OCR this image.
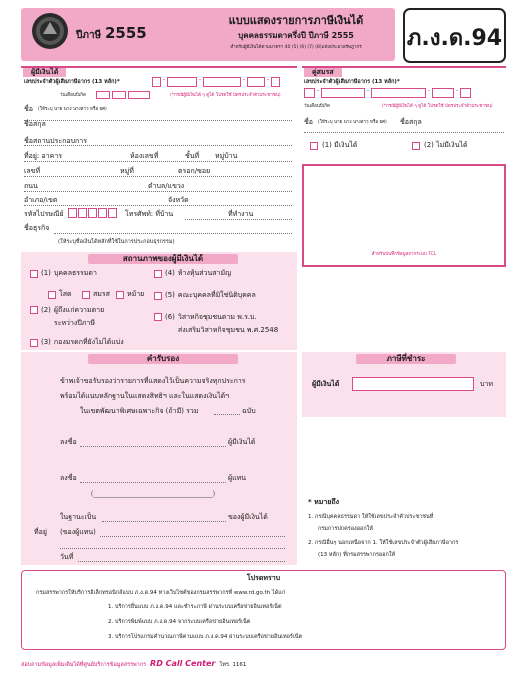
ปีภาษี 2555
แบบแสดงรายการภาษีเงินได้
บุคคลธรรมดาครึ่งปี ปีภาษี 2555
สำหรับผู้มีเงินได้ตามมาตรา 40 (5) (6) (7) (8)แห่งประมวลรัษฎากร	ภ.ง.ด.94
ผู้มีเงินได้
เลขประจำตัวผู้เสียภาษีอากร (13 หลัก)*	-	-	-	-
วันเดือนปีเกิด	(*กรณีผู้มีเงินได้ ๆ ดูได้ โปรดใช้ บัตรประจำตัวประชาชน)
ชื่อ (ให้ระบุ นาย นาง นางสาว หรือ ยศ)
ชื่อสกุล
ชื่อสถานประกอบการ
ที่อยู่: อาคาร	ห้องเลขที่	ชั้นที่ หมู่บ้าน
เลขที่	หมู่ที่	ตรอก/ซอย
ถนน	ตำบล/แขวง
อำเภอ/เขต	จังหวัด
รหัสไปรษณีย์	โทรศัพท์: ที่บ้าน	ที่ทำงาน
ชื่อธุรกิจ
(ให้ระบุชื่อเงินได้หลักที่ใช้ในการประกอบธุรกรรม)
คู่สมรส
เลขประจำตัวผู้เสียภาษีอากร (13 หลัก)*
-	-	-	-
วันเดือนปีเกิด	(*กรณีผู้มีเงินได้ ๆ ดูได้ โปรดใช้ บัตรประจำตัวประชาชน)
ชื่อ (ให้ระบุ นาย นาง นางสาว หรือ ยศ) ชื่อสกุล
(1) มีเงินได้	(2) ไม่มีเงินได้
สำหรับบันทึกข้อมูลจากระบบ TCL
สถานภาพของผู้มีเงินได้
(1) บุคคลธรรมดา
โสด	สมรส หม้าย
(2) ผู้ถึงแก่ความตาย
ระหว่างปีภาษี
(3) กองมรดกที่ยังไม่ได้แบ่ง
(4) ห้างหุ้นส่วนสามัญ
(5) คณะบุคคลที่มิใช่นิติบุคคล
(6) วิสาหกิจชุมชนตาม พ.ร.บ.
ส่งเสริมวิสาหกิจชุมชน พ.ศ.2548
คำรับรอง
ข้าพเจ้าขอรับรองว่ารายการที่แสดงไว้เป็นความจริงทุกประการ
พร้อมได้แนบหลักฐานในแสดงสิทธิฯ และในแสดงเงินได้ฯ
ในเขตพัฒนาพิเศษเฉพาะกิจ (ถ้ามี) รวม	ฉบับ
ลงชื่อ	ผู้มีเงินได้
ลงชื่อ	ผู้แทน
(__________________________________)
ในฐานะเป็น	ของผู้มีเงินได้
ที่อยู่ (ของผู้แทน)
วันที่
ภาษีที่ชำระ
ผู้มีเงินได้	บาท
* หมายถึง
1. กรณีบุคคลธรรมดา ให้ใช้เลขประจำตัวประชาชนที่
กรมการปกครองออกให้
2. กรณีอื่นๆ นอกเหนือจาก 1. ให้ใช้เลขประจำตัวผู้เสียภาษีอากร
(13 หลัก) ที่กรมสรรพากรออกให้
โปรดทราบ
กรมสรรพากรให้บริการอิเล็กทรอนิกส์แบบ ภ.ง.ด.94 ทางเว็บไซต์ของกรมสรรพากรที่ www.rd.go.th ได้แก่
1. บริการยื่นแบบ ภ.ง.ด.94 และชำระภาษี ผ่านระบบเครือข่ายอินเทอร์เน็ต
2. บริการพิมพ์แบบ ภ.ง.ด.94 จากระบบเครือข่ายอินเทอร์เน็ต
3. บริการโปรแกรมคำนวณภาษีตามแบบ ภ.ง.ด.94 ผ่านระบบเครือข่ายอินเทอร์เน็ต
สอบถามข้อมูลเพิ่มเติมได้ที่ศูนย์บริการข้อมูลสรรพากร RD Call Center โทร. 1161
